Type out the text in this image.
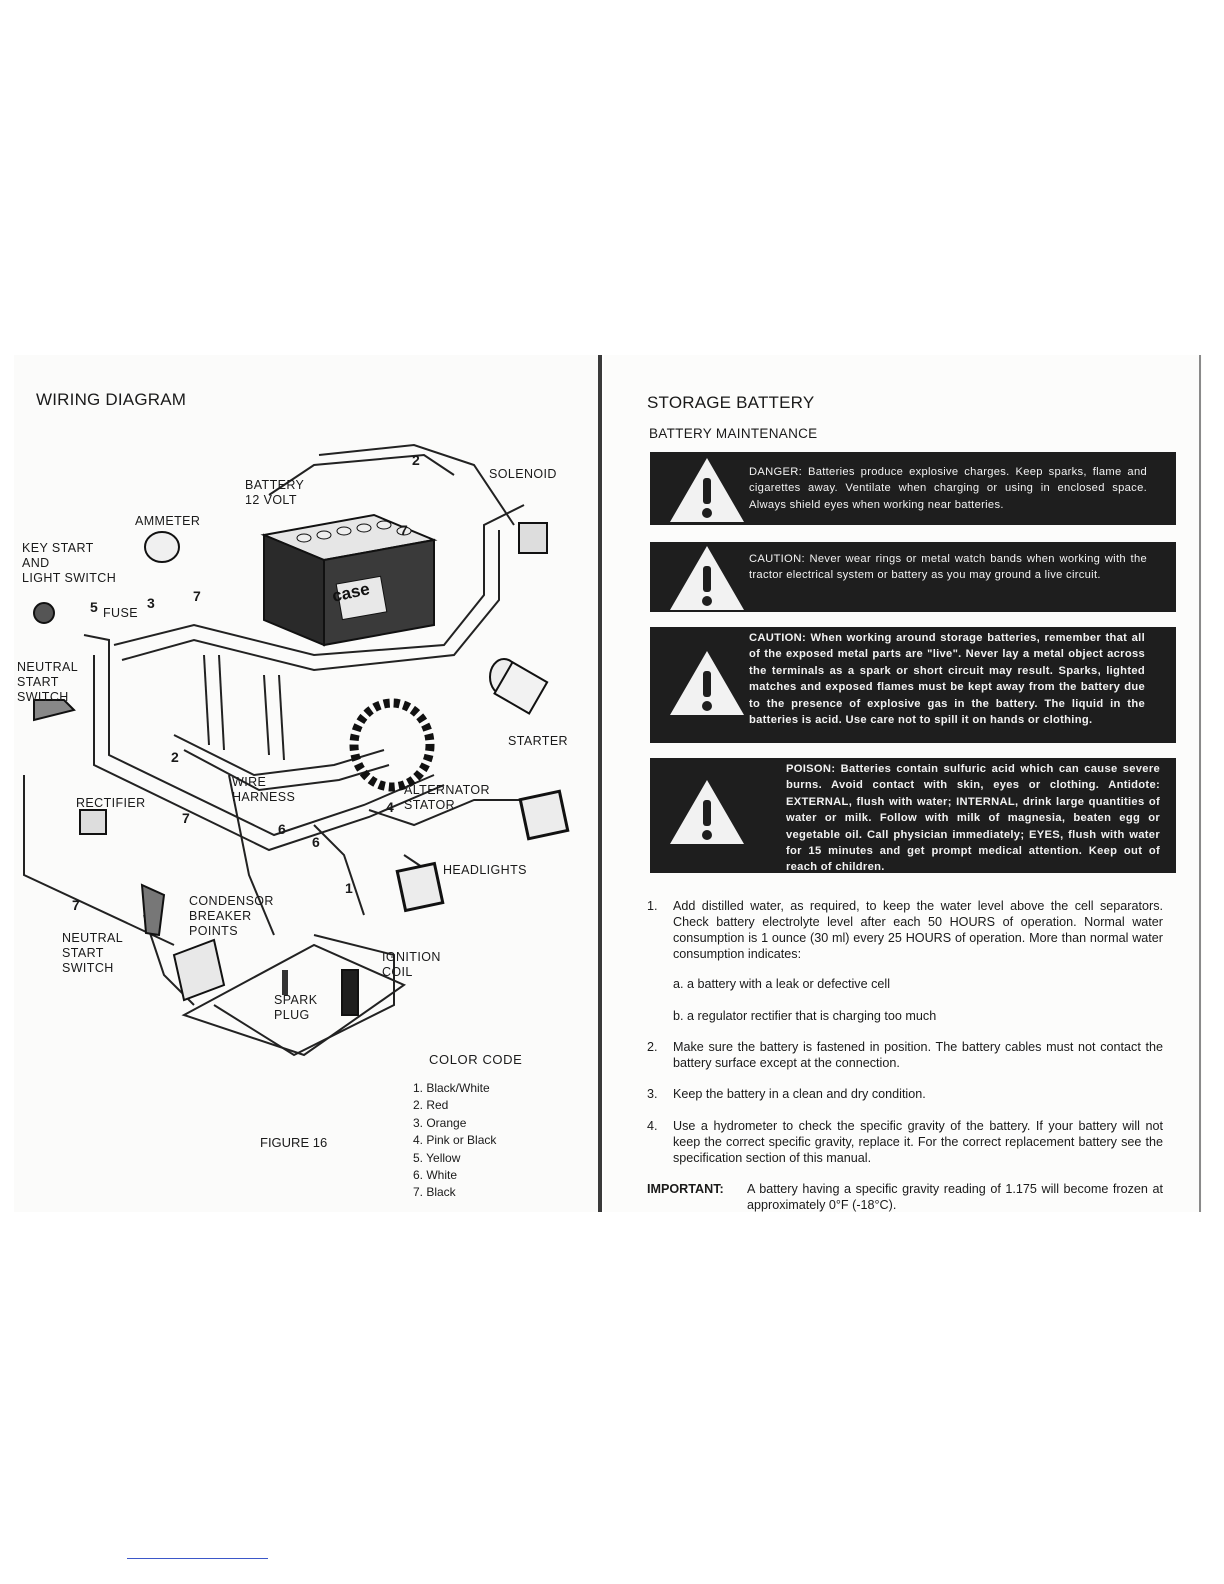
WIRING DIAGRAM
BATTERY
12 VOLT
SOLENOID
AMMETER
KEY START
AND
LIGHT SWITCH
FUSE
NEUTRAL
START
SWITCH
STARTER
WIRE
HARNESS	ALTERNATOR
STATOR
RECTIFIER
HEADLIGHTS
CONDENSOR
BREAKER
POINTS
NEUTRAL
START
SWITCH
IGNITION
COIL
SPARK
PLUG
case
2
7
5	3	7
2
7
4
6
6
1
7
FIGURE 16
COLOR CODE
1. Black/White
2. Red
3. Orange
4. Pink or Black
5. Yellow
6. White
7. Black
STORAGE BATTERY
BATTERY MAINTENANCE
DANGER: Batteries produce explosive charges. Keep sparks, flame and cigarettes away. Ventilate when charging or using in enclosed space. Always shield eyes when working near batteries.
CAUTION: Never wear rings or metal watch bands when working with the tractor electrical system or battery as you may ground a live circuit.
CAUTION: When working around storage batteries, remember that all of the exposed metal parts are "live". Never lay a metal object across the terminals as a spark or short circuit may result. Sparks, lighted matches and exposed flames must be kept away from the battery due to the presence of explosive gas in the battery. The liquid in the batteries is acid. Use care not to spill it on hands or clothing.
POISON: Batteries contain sulfuric acid which can cause severe burns. Avoid contact with skin, eyes or clothing. Antidote: EXTERNAL, flush with water; INTERNAL, drink large quantities of water or milk. Follow with milk of magnesia, beaten egg or vegetable oil. Call physician immediately; EYES, flush with water for 15 minutes and get prompt medical attention. Keep out of reach of children.
1. Add distilled water, as required, to keep the water level above the cell separators. Check battery electrolyte level after each 50 HOURS of operation. Normal water consumption is 1 ounce (30 ml) every 25 HOURS of operation. More than normal water consumption indicates:
a. a battery with a leak or defective cell
b. a regulator rectifier that is charging too much
2. Make sure the battery is fastened in position. The battery cables must not contact the battery surface except at the connection.
3. Keep the battery in a clean and dry condition.
4. Use a hydrometer to check the specific gravity of the battery. If your battery will not keep the correct specific gravity, replace it. For the correct replacement battery see the specification section of this manual.
IMPORTANT: A battery having a specific gravity reading of 1.175 will become frozen at approximately 0°F (-18°C).
